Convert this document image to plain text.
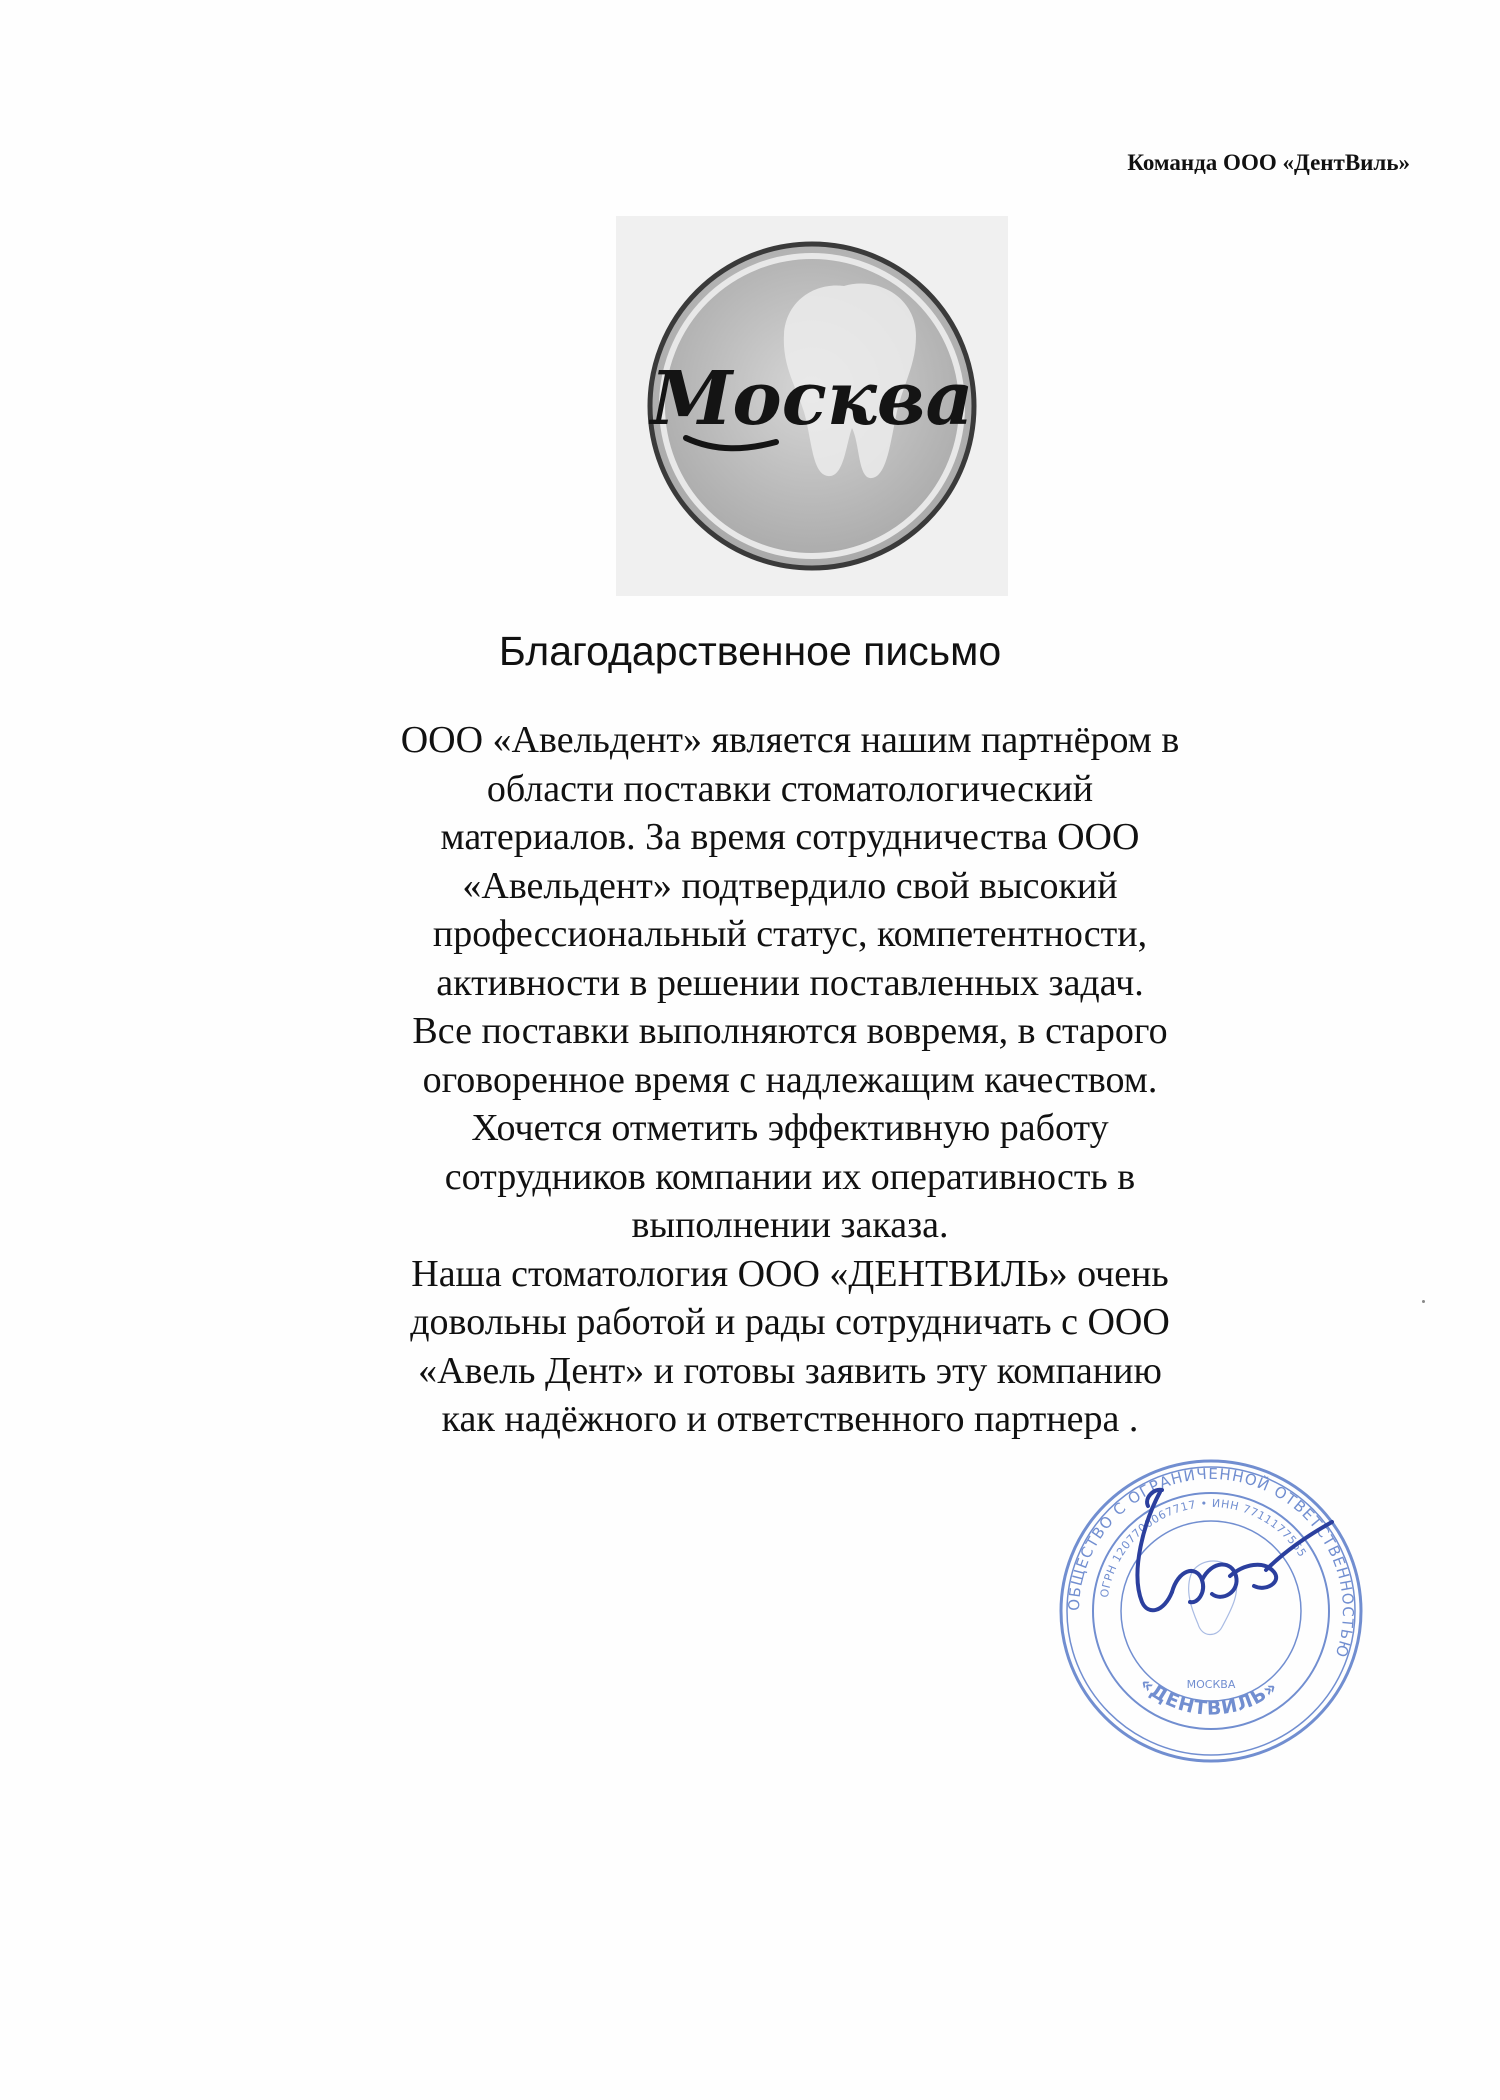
Команда ООО «ДентВиль»
Москва
Благодарственное письмо
ООО «Авельдент» является нашим партнёром в
области поставки стоматологический
материалов. За время сотрудничества ООО
«Авельдент» подтвердило свой высокий
профессиональный статус, компетентности,
активности в решении поставленных задач.
Все поставки выполняются вовремя, в старого
оговоренное время с надлежащим качеством.
Хочется отметить эффективную работу
сотрудников компании их оперативность в
выполнении заказа.
Наша стоматология ООО «ДЕНТВИЛЬ» очень
довольны работой и рады сотрудничать с ООО
«Авель Дент» и готовы заявить эту компанию
как надёжного и ответственного партнера .
ОБЩЕСТВО С ОГРАНИЧЕННОЙ ОТВЕТСТВЕННОСТЬЮ
ОГРН 1207700067717 • ИНН 7711177565
МОСКВА
«ДЕНТВИЛЬ»
